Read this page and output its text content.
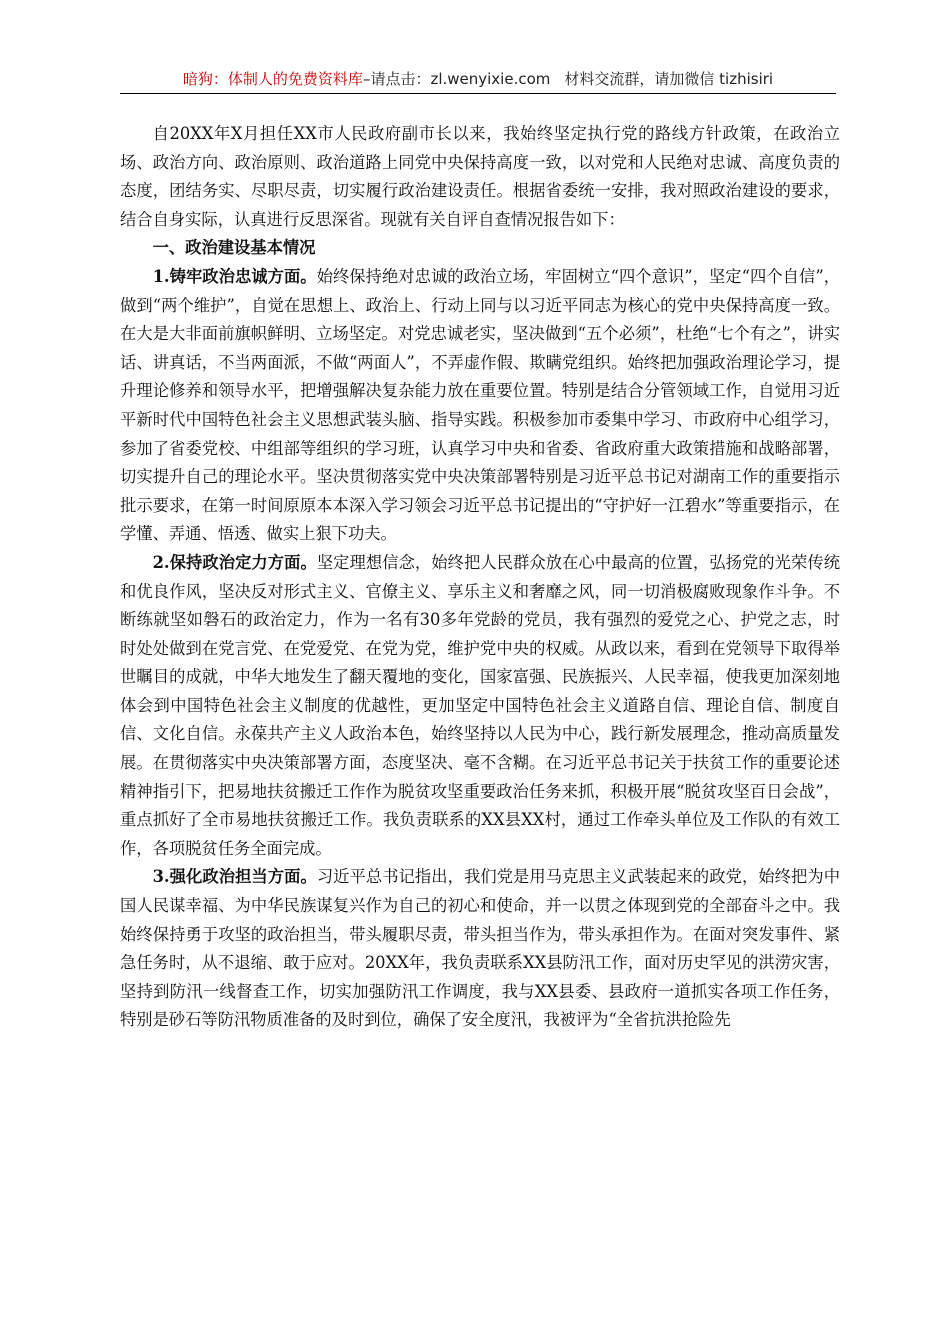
暗狗：体制人的免费资料库–请点击：zl.wenyixie.com 材料交流群，请加微信 tizhisiri

自20XX年X月担任XX市人民政府副市长以来，我始终坚定执行党的路线方针政策，在政治立场、政治方向、政治原则、政治道路上同党中央保持高度一致，以对党和人民绝对忠诚、高度负责的态度，团结务实、尽职尽责，切实履行政治建设责任。根据省委统一安排，我对照政治建设的要求，结合自身实际，认真进行反思深省。现就有关自评自查情况报告如下：

一、政治建设基本情况

1.铸牢政治忠诚方面。始终保持绝对忠诚的政治立场，牢固树立“四个意识”，坚定“四个自信”，做到“两个维护”，自觉在思想上、政治上、行动上同与以习近平同志为核心的党中央保持高度一致。在大是大非面前旗帜鲜明、立场坚定。对党忠诚老实，坚决做到“五个必须”，杜绝“七个有之”，讲实话、讲真话，不当两面派，不做“两面人”，不弄虚作假、欺瞒党组织。始终把加强政治理论学习，提升理论修养和领导水平，把增强解决复杂能力放在重要位置。特别是结合分管领域工作，自觉用习近平新时代中国特色社会主义思想武装头脑、指导实践。积极参加市委集中学习、市政府中心组学习，参加了省委党校、中组部等组织的学习班，认真学习中央和省委、省政府重大政策措施和战略部署，切实提升自己的理论水平。坚决贯彻落实党中央决策部署特别是习近平总书记对湖南工作的重要指示批示要求，在第一时间原原本本深入学习领会习近平总书记提出的“守护好一江碧水”等重要指示，在学懂、弄通、悟透、做实上狠下功夫。

2.保持政治定力方面。坚定理想信念，始终把人民群众放在心中最高的位置，弘扬党的光荣传统和优良作风，坚决反对形式主义、官僚主义、享乐主义和奢靡之风，同一切消极腐败现象作斗争。不断练就坚如磐石的政治定力，作为一名有30多年党龄的党员，我有强烈的爱党之心、护党之志，时时处处做到在党言党、在党爱党、在党为党，维护党中央的权威。从政以来，看到在党领导下取得举世瞩目的成就，中华大地发生了翻天覆地的变化，国家富强、民族振兴、人民幸福，使我更加深刻地体会到中国特色社会主义制度的优越性，更加坚定中国特色社会主义道路自信、理论自信、制度自信、文化自信。永葆共产主义人政治本色，始终坚持以人民为中心，践行新发展理念，推动高质量发展。在贯彻落实中央决策部署方面，态度坚决、毫不含糊。在习近平总书记关于扶贫工作的重要论述精神指引下，把易地扶贫搬迁工作作为脱贫攻坚重要政治任务来抓，积极开展“脱贫攻坚百日会战”，重点抓好了全市易地扶贫搬迁工作。我负责联系的XX县XX村，通过工作牵头单位及工作队的有效工作，各项脱贫任务全面完成。

3.强化政治担当方面。习近平总书记指出，我们党是用马克思主义武装起来的政党，始终把为中国人民谋幸福、为中华民族谋复兴作为自己的初心和使命，并一以贯之体现到党的全部奋斗之中。我始终保持勇于攻坚的政治担当，带头履职尽责，带头担当作为，带头承担作为。在面对突发事件、紧急任务时，从不退缩、敢于应对。20XX年，我负责联系XX县防汛工作，面对历史罕见的洪涝灾害，坚持到防汛一线督查工作，切实加强防汛工作调度，我与XX县委、县政府一道抓实各项工作任务，特别是砂石等防汛物质准备的及时到位，确保了安全度汛，我被评为“全省抗洪抢险先
